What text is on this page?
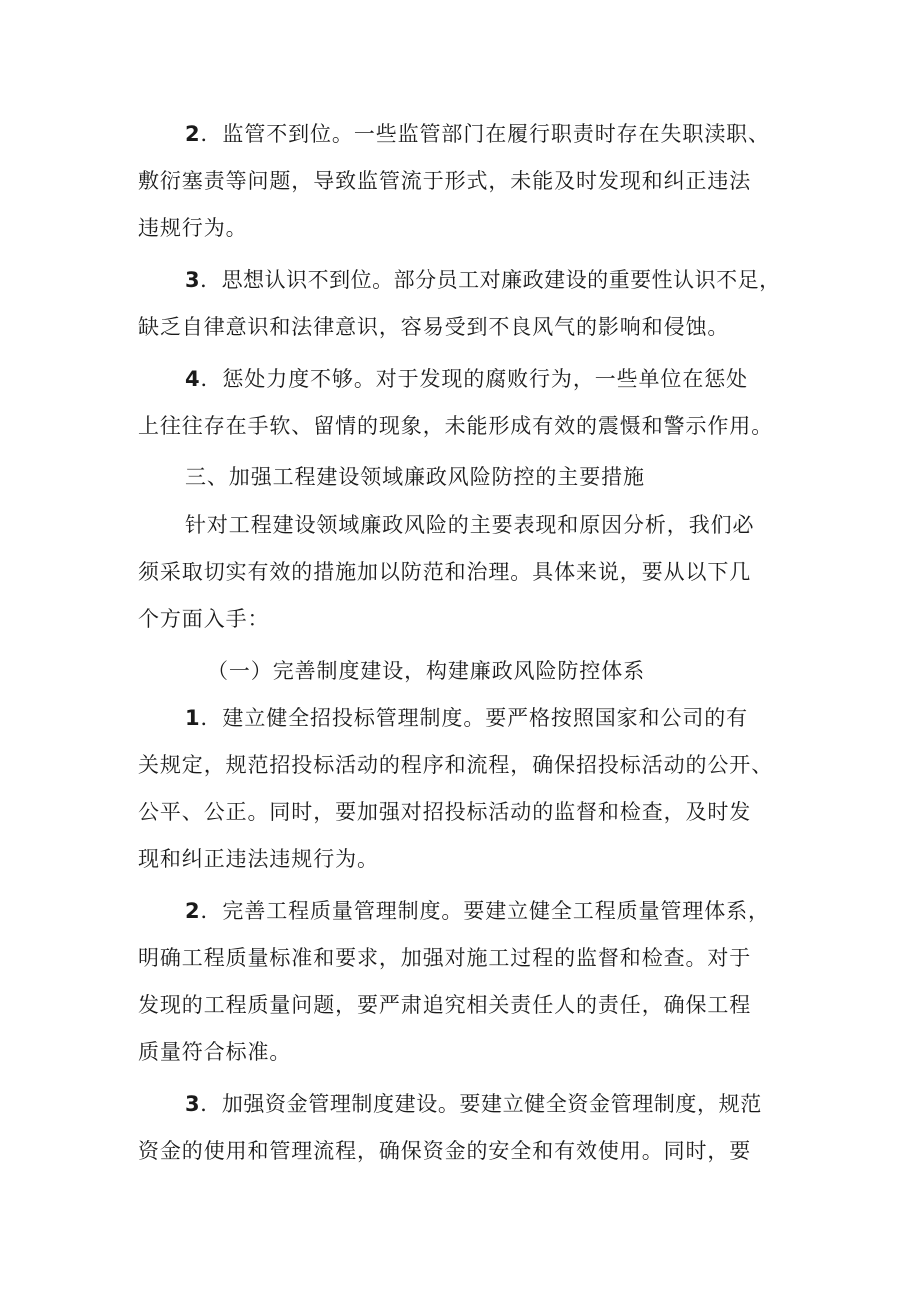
2．监管不到位。一些监管部门在履行职责时存在失职渎职、
敷衍塞责等问题，导致监管流于形式，未能及时发现和纠正违法
违规行为。
3．思想认识不到位。部分员工对廉政建设的重要性认识不足，
缺乏自律意识和法律意识，容易受到不良风气的影响和侵蚀。
4．惩处力度不够。对于发现的腐败行为，一些单位在惩处
上往往存在手软、留情的现象，未能形成有效的震慑和警示作用。
三、加强工程建设领域廉政风险防控的主要措施
针对工程建设领域廉政风险的主要表现和原因分析，我们必
须采取切实有效的措施加以防范和治理。具体来说，要从以下几
个方面入手：
（一）完善制度建设，构建廉政风险防控体系
1．建立健全招投标管理制度。要严格按照国家和公司的有
关规定，规范招投标活动的程序和流程，确保招投标活动的公开、
公平、公正。同时，要加强对招投标活动的监督和检查，及时发
现和纠正违法违规行为。
2．完善工程质量管理制度。要建立健全工程质量管理体系，
明确工程质量标准和要求，加强对施工过程的监督和检查。对于
发现的工程质量问题，要严肃追究相关责任人的责任，确保工程
质量符合标准。
3．加强资金管理制度建设。要建立健全资金管理制度，规范
资金的使用和管理流程，确保资金的安全和有效使用。同时，要
